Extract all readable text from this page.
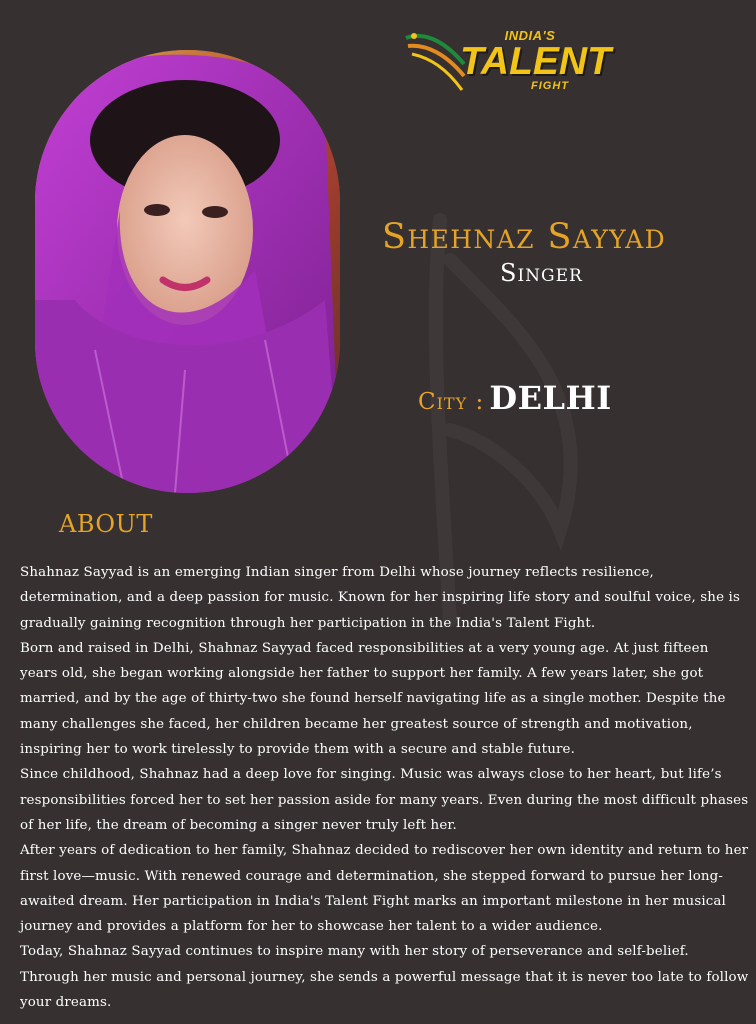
INDIA'S
TALENT
FIGHT
Shehnaz Sayyad
Singer
City : DELHI
ABOUT

Shahnaz Sayyad is an emerging Indian singer from Delhi whose journey reflects resilience, determination, and a deep passion for music. Known for her inspiring life story and soulful voice, she is gradually gaining recognition through her participation in the India's Talent Fight.

Born and raised in Delhi, Shahnaz Sayyad faced responsibilities at a very young age. At just fifteen years old, she began working alongside her father to support her family. A few years later, she got married, and by the age of thirty-two she found herself navigating life as a single mother. Despite the many challenges she faced, her children became her greatest source of strength and motivation, inspiring her to work tirelessly to provide them with a secure and stable future.

Since childhood, Shahnaz had a deep love for singing. Music was always close to her heart, but life’s responsibilities forced her to set her passion aside for many years. Even during the most difficult phases of her life, the dream of becoming a singer never truly left her.

After years of dedication to her family, Shahnaz decided to rediscover her own identity and return to her first love—music. With renewed courage and determination, she stepped forward to pursue her long-awaited dream. Her participation in India's Talent Fight marks an important milestone in her musical journey and provides a platform for her to showcase her talent to a wider audience.

Today, Shahnaz Sayyad continues to inspire many with her story of perseverance and self-belief. Through her music and personal journey, she sends a powerful message that it is never too late to follow your dreams.
